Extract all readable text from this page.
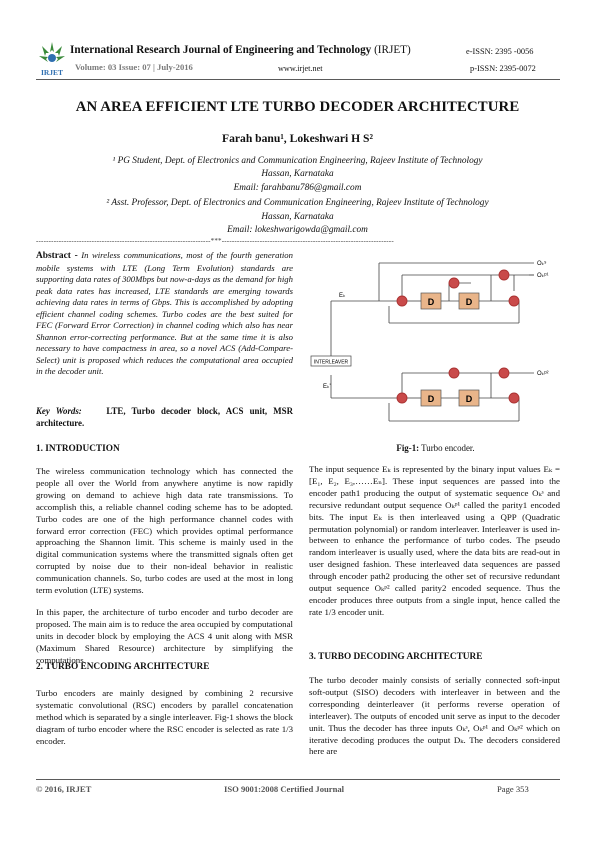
IRJET
International Research Journal of Engineering and Technology (IRJET)	e-ISSN: 2395 -0056
Volume: 03 Issue: 07 | July-2016	www.irjet.net	p-ISSN: 2395-0072
AN AREA EFFICIENT LTE TURBO DECODER ARCHITECTURE
Farah banu¹, Lokeshwari H S²
¹ PG Student, Dept. of Electronics and Communication Engineering, Rajeev Institute of Technology
Hassan, Karnataka
Email: farahbanu786@gmail.com
² Asst. Professor, Dept. of Electronics and Communication Engineering, Rajeev Institute of Technology
Hassan, Karnataka
Email: lokeshwarigowda@gmail.com
---------------------------------------------------------------------***--------------------------------------------------------------------
Abstract - In wireless communications, most of the fourth generation mobile systems with LTE (Long Term Evolution) standards are supporting data rates of 300Mbps but now-a-days as the demand for high peak data rates has increased, LTE standards are emerging towards achieving data rates in terms of Gbps. This is accomplished by adopting efficient channel coding schemes. Turbo codes are the best suited for FEC (Forward Error Correction) in channel coding which also has near Shannon error-correcting performance. But at the same time it is also necessary to have compactness in area, so a novel ACS (Add-Compare-Select) unit is proposed which reduces the computational area occupied in the decoder unit.
Key Words:	LTE, Turbo decoder block, ACS unit, MSR architecture.
1. INTRODUCTION
The wireless communication technology which has connected the people all over the World from anywhere anytime is now rapidly growing on demand to achieve high data rate transmissions. To accomplish this, a reliable channel coding scheme has to be adopted. Turbo codes are one of the high performance channel codes with forward error correction (FEC) which provides optimal performance approaching the Shannon limit. This scheme is mainly used in the digital communication systems where the transmitted signals often get corrupted by noise due to their non-ideal behavior in realistic communication channels. So, turbo codes are used at the most in long term evolution (LTE) systems.
In this paper, the architecture of turbo encoder and turbo decoder are proposed. The main aim is to reduce the area occupied by computational units in decoder block by employing the ACS 4 unit along with MSR (Maximum Shared Resource) architecture by simplifying the computations.
2. TURBO ENCODING ARCHITECTURE
Turbo encoders are mainly designed by combining 2 recursive systematic convolutional (RSC) encoders by parallel concatenation method which is separated by a single interleaver. Fig-1 shows the block diagram of turbo encoder where the RSC encoder is selected as rate 1/3 encoder.
D	D
D	D
INTERLEAVER
Eₖ
Eₖ'
Oₖˢ
Oₖᵖ¹
Oₖᵖ²
Fig-1: Turbo encoder.
The input sequence Eₖ is represented by the binary input values Eₖ = [E₁, E₂, E₃,……Eₙ]. These input sequences are passed into the encoder path1 producing the output of systematic sequence Oₖˢ and recursive redundant output sequence Oₖᵖ¹ called the parity1 encoded bits. The input Eₖ is then interleaved using a QPP (Quadratic permutation polynomial) or random interleaver. Interleaver is used in-between to enhance the performance of turbo codes. The pseudo random interleaver is usually used, where the data bits are read-out in user designed fashion. These interleaved data sequences are passed through encoder path2 producing the other set of recursive redundant output sequence Oₖᵖ² called parity2 encoded sequence. Thus the encoder produces three outputs from a single input, hence called the rate 1/3 encoder unit.
3. TURBO DECODING ARCHITECTURE
The turbo decoder mainly consists of serially connected soft-input soft-output (SISO) decoders with interleaver in between and the corresponding deinterleaver (it performs reverse operation of interleaver). The outputs of encoded unit serve as input to the decoder unit. Thus the decoder has three inputs Oₖˢ, Oₖᵖ¹ and Oₖᵖ² which on iterative decoding produces the output Dₖ. The decoders considered here are
© 2016, IRJET	ISO 9001:2008 Certified Journal	Page 353
